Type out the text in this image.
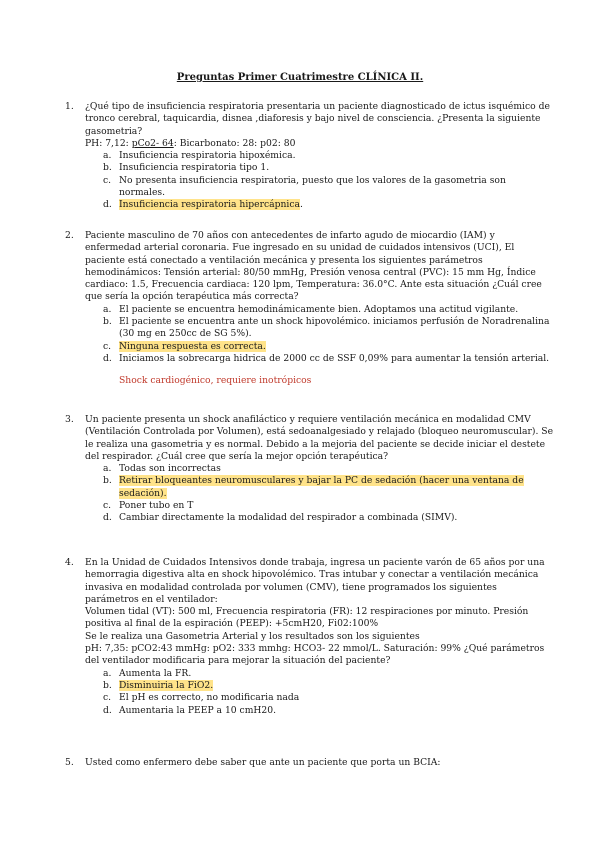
Preguntas Primer Cuatrimestre CLÍNICA II.
1. ¿Qué tipo de insuficiencia respiratoria presentaria un paciente diagnosticado de ictus isquémico de tronco cerebral, taquicardia, disnea ,diaforesis y bajo nivel de consciencia. ¿Presenta la siguiente gasometria?

PH: 7,12: pCo2- 64: Bicarbonato: 28: p02: 80

a. Insuficiencia respiratoria hipoxémica.
b. Insuficiencia respiratoria tipo 1.
c. No presenta insuficiencia respiratoria, puesto que los valores de la gasometria son normales.
d. Insuficiencia respiratoria hipercápnica.
2. Paciente masculino de 70 años con antecedentes de infarto agudo de miocardio (IAM) y enfermedad arterial coronaria. Fue ingresado en su unidad de cuidados intensivos (UCI), El paciente está conectado a ventilación mecánica y presenta los siguientes parámetros hemodinámicos: Tensión arterial: 80/50 mmHg, Presión venosa central (PVC): 15 mm Hg, Índice cardiaco: 1.5, Frecuencia cardiaca: 120 lpm, Temperatura: 36.0°C. Ante esta situación ¿Cuál cree que sería la opción terapéutica más correcta?

a. El paciente se encuentra hemodinámicamente bien. Adoptamos una actitud vigilante.
b. El paciente se encuentra ante un shock hipovolémico. iniciamos perfusión de Noradrenalina (30 mg en 250cc de SG 5%).
c. Ninguna respuesta es correcta.
d. Iniciamos la sobrecarga hidrica de 2000 cc de SSF 0,09% para aumentar la tensión arterial.

Shock cardiogénico, requiere inotrópicos

3. Un paciente presenta un shock anafiláctico y requiere ventilación mecánica en modalidad CMV (Ventilación Controlada por Volumen), está sedoanalgesiado y relajado (bloqueo neuromuscular). Se le realiza una gasometria y es normal. Debido a la mejoria del paciente se decide iniciar el destete del respirador. ¿Cuál cree que sería la mejor opción terapéutica?

a. Todas son incorrectas
b. Retirar bloqueantes neuromusculares y bajar la PC de sedación (hacer una ventana de sedación).
c. Poner tubo en T
d. Cambiar directamente la modalidad del respirador a combinada (SIMV).
4. En la Unidad de Cuidados Intensivos donde trabaja, ingresa un paciente varón de 65 años por una hemorragia digestiva alta en shock hipovolémico. Tras intubar y conectar a ventilación mecánica invasiva en modalidad controlada por volumen (CMV), tiene programados los siguientes parámetros en el ventilador:

Volumen tidal (VT): 500 ml, Frecuencia respiratoria (FR): 12 respiraciones por minuto. Presión positiva al final de la espiración (PEEP): +5cmH20, Fi02:100%

Se le realiza una Gasometria Arterial y los resultados son los siguientes

pH: 7,35: pCO2:43 mmHg: pO2: 333 mmhg: HCO3- 22 mmol/L. Saturación: 99% ¿Qué parámetros del ventilador modificaria para mejorar la situación del paciente?

a. Aumenta la FR.
b. Disminuiria la FiO2.
c. El pH es correcto, no modificaria nada
d. Aumentaria la PEEP a 10 cmH20.
5. Usted como enfermero debe saber que ante un paciente que porta un BCIA:
